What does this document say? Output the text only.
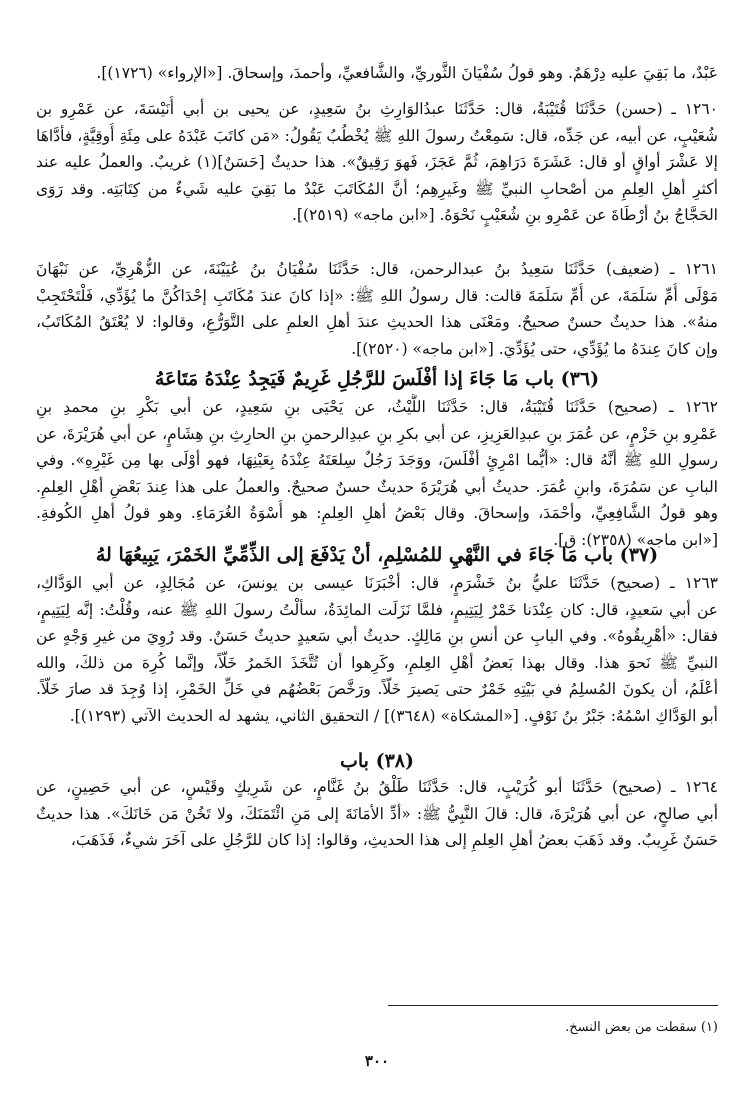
عَبْدٌ، ما بَقِيَ عليه دِرْهَمٌ. وهو قولُ سُفْيَانَ الثَّوريِّ، والشَّافعيِّ، وأحمدَ، وإسحاقَ. [«الإرواء» (١٧٢٦)].
١٢٦٠ ـ (حسن) حَدَّثَنَا قُتَيْبَةُ، قال: حَدَّثَنَا عبدُالوَارِثِ بنُ سَعِيدٍ، عن يحيى بن أبي أُنَيْسَةَ، عن عَمْرِو بن
شُعَيْبٍ، عن أبيه، عن جَدِّه، قال: سَمِعْتُ رسولَ اللهِ ﷺ يُخْطُبُ يَقُولُ: «مَن كاتَبَ عَبْدَهُ على مِئَةِ أُوقِيَّةٍ، فأدَّاهَا
إلا عَشْرَ أواقٍ أو قال: عَشَرَةَ دَرَاهِمَ، ثُمَّ عَجَزَ، فَهوَ رَقِيقٌ». هذا حديثٌ [حَسَنٌ](١) غريبٌ. والعملُ عليه عند
أكثرِ أهلِ العِلمِ من أصْحابِ النبيِّ ﷺ وغَيرِهِم؛ أنَّ المُكَاتَبَ عَبْدٌ ما بَقِيَ عليه شَيءٌ من كِتَابَتِه. وقد رَوَى
الحَجَّاجُ بنُ أرْطَاةَ عن عَمْرِو بنِ شُعَيْبٍ نَحْوَهُ. [«ابن ماجه» (٢٥١٩)].
١٢٦١ ـ (ضعيف) حَدَّثَنَا سَعِيدُ بنُ عبدالرحمن، قال: حَدَّثَنَا سُفْيَانُ بنُ عُيَيْنَةَ، عن الزُّهْرِيِّ، عن نَبْهَانَ
مَوْلَى أُمِّ سَلَمَةَ، عن أُمِّ سَلَمَةَ قالت: قال رسولُ اللهِ ﷺ: «إذا كانَ عندَ مُكَاتَبِ إحْدَاكُنَّ ما يُؤَدِّي، فَلْتَحْتَجِبْ
منهُ». هذا حديثٌ حسنٌ صحيحٌ. ومَعْنَى هذا الحديثِ عندَ أهلِ العلمِ على التَّوَرُّعِ، وقالوا: لا يُعْتَقُ المُكَاتَبُ،
وإن كانَ عِندَهُ ما يُؤَدِّي، حتى يُؤَدِّيَ. [«ابن ماجه» (٢٥٢٠)].
(٣٦) باب مَا جَاءَ إذا أفْلَسَ للرَّجُلِ غَرِيمٌ فَيَجِدُ عِنْدَهُ مَتَاعَهُ
١٢٦٢ ـ (صحيح) حَدَّثَنَا قُتَيْبَةُ، قال: حَدَّثَنَا اللَّيْثُ، عن يَحْيَى بنِ سَعِيدٍ، عن أبي بَكْرِ بنِ محمدِ بنِ
عَمْرِو بنِ حَزْمٍ، عن عُمَرَ بنِ عبدِالعَزِيزِ، عن أبي بكرِ بنِ عبدِالرحمنِ بنِ الحارِثِ بنِ هِشَامٍ، عن أبي هُرَيْرَةَ، عن
رسولِ اللهِ ﷺ أنَّهُ قال: «أيُّما امْرِئٍ أفْلَسَ، ووَجَدَ رَجُلٌ سِلعَتَهُ عِنْدَهُ بِعَيْنِهَا، فهو أوْلَى بها مِن غَيْرِهِ». وفي
البابِ عن سَمُرَةَ، وابنِ عُمَرَ. حديثُ أبي هُرَيْرَةَ حديثٌ حسنٌ صحيحٌ. والعملُ على هذا عِندَ بَعْضِ أهْلِ العِلمِ.
وهو قولُ الشَّافِعِيِّ، وأحْمَدَ، وإسحاقَ. وقال بَعْضُ أهلِ العِلمِ: هو أُسْوَةُ الغُرَمَاءِ. وهو قولُ أهلِ الكُوفةِ.
[«ابن ماجه» (٢٣٥٨): ق].
(٣٧) باب مَا جَاءَ في النَّهْيِ للمُسْلِمِ، أنْ يَدْفَعَ إلى الذِّمِّيِّ الخَمْرَ، يَبِيعُهَا لهُ
١٢٦٣ ـ (صحيح) حَدَّثَنَا عليُّ بنُ خَشْرَمٍ، قال: أخْبَرَنَا عيسى بن يونسَ، عن مُجَالِدٍ، عن أبي الوَدَّاكِ،
عن أبي سَعيدٍ، قال: كان عِنْدَنا خَمْرٌ لِيَتِيمٍ، فلمَّا نَزَلَت المائِدَةُ، سألْتُ رسولَ اللهِ ﷺ عنه، وقُلْتُ: إنَّه لِيَتِيمٍ،
فقال: «أهْرِيقُوهُ». وفي البابِ عن أنسِ بنِ مَالِكٍ. حديثُ أبي سَعيدٍ حديثٌ حَسَنٌ. وقد رُوِيَ من غيرِ وَجْهٍ عن
النبيِّ ﷺ نَحوَ هذا. وقال بهذا بَعضُ أهْلِ العِلمِ، وكَرِهوا أن تُتَّخَذَ الخَمرُ خَلّاً، وإنَّما كُرِهَ من ذلكَ، والله
أعْلَمُ، أن يكونَ المُسلِمُ في بَيْتِهِ خَمْرٌ حتى يَصيرَ خَلّاً. ورَخَّصَ بَعْضُهُم في خَلِّ الخَمْرِ، إذا وُجِدَ قد صارَ خَلّاً.
أبو الوَدَّاكِ اسْمُهُ: جَبْرُ بنُ نَوْفٍ. [«المشكاة» (٣٦٤٨)] / التحقيق الثاني، يشهد له الحديث الآتي (١٢٩٣)].
(٣٨) باب
١٢٦٤ ـ (صحيح) حَدَّثَنَا أبو كُرَيْبٍ، قال: حَدَّثَنَا طَلْقُ بنُ غَنَّامٍ، عن شَرِيكٍ وقَيْسٍ، عن أبي حَصِينٍ، عن
أبي صالحٍ، عن أبي هُرَيْرَةَ، قال: قالَ النَّبِيُّ ﷺ: «أدِّ الأمَانَةَ إلى مَنِ ائْتَمَنَكَ، ولا تَخُنْ مَن خَانَكَ». هذا حديثٌ
حَسَنٌ غَرِيبٌ. وقد ذَهَبَ بعضُ أهلِ العِلمِ إلى هذا الحديثِ، وقالوا: إذا كان للرَّجُلِ على آخَرَ شيءٌ، فَذَهَبَ،
(١) سقطت من بعض النسخ.
٣٠٠
